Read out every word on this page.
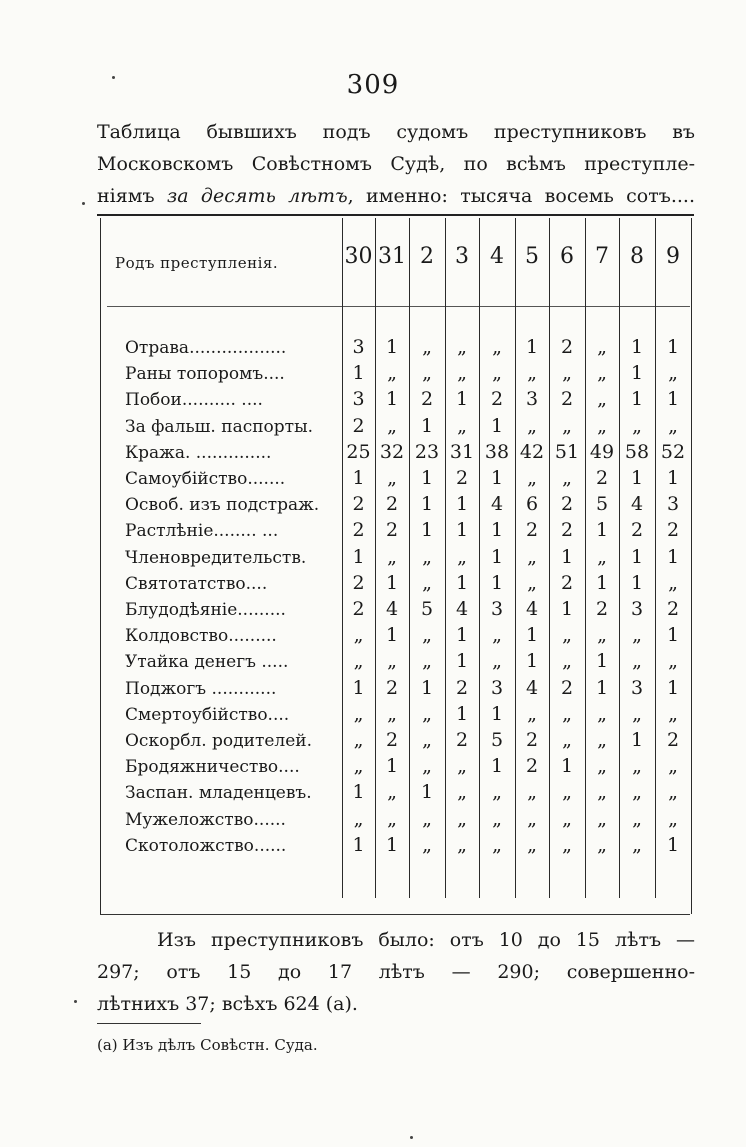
309
Таблица бывшихъ подъ судомъ преступниковъ въ
Московскомъ Совѣстномъ Судѣ, по всѣмъ преступле-
ніямъ за десять лѣтъ, именно: тысяча восемь сотъ....
Родъ преступленія.	30 31 2 3 4 5 6 7 8	9
Отрава..................	3	1	„	„	„	1	2	„	1	1
Раны топоромъ....	1	„	„	„	„	„	„	„	1	„
Побои.......... ....	3	1	2	1	2	3	2	„	1	1
За фальш. паспорты.	2	„	1	„	1	„	„	„	„	„
Кража. ..............	25 32 23 31 38 42 51 49 58 52
Самоубійство.......	1	„	1	2	1	„	„	2	1	1
Освоб. изъ подстраж.	2	2	1	1	4	6	2	5	4	3
Растлѣніе........ ...	2	2	1	1	1	2	2	1	2	2
Членовредительств.	1	„	„	„	1	„	1	„	1	1
Святотатство....	2	1	„	1	1	„	2	1	1	„
Блудодѣяніе.........	2	4	5	4	3	4	1	2	3	2
Колдовство.........	„	1	„	1	„	1	„	„	„	1
Утайка денегъ .....	„	„	„	1	„	1	„	1	„	„
Поджогъ ............	1	2	1	2	3	4	2	1	3	1
Смертоубійство....	„	„	„	1	1	„	„	„	„	„
Оскорбл. родителей.	„	2	„	2	5	2	„	„	1	2
Бродяжничество....	„	1	„	„	1	2	1	„	„	„
Заспан. младенцевъ.	1	„	1	„	„	„	„	„	„	„
Мужеложство......	„	„	„	„	„	„	„	„	„	„
Скотоложство......	1	1	„	„	„	„	„	„	„	1
Изъ преступниковъ было: отъ 10 до 15 лѣтъ —
297; отъ 15 до 17 лѣтъ — 290; совершенно-
лѣтнихъ 37; всѣхъ 624 (а).
(а) Изъ дѣлъ Совѣстн. Суда.
